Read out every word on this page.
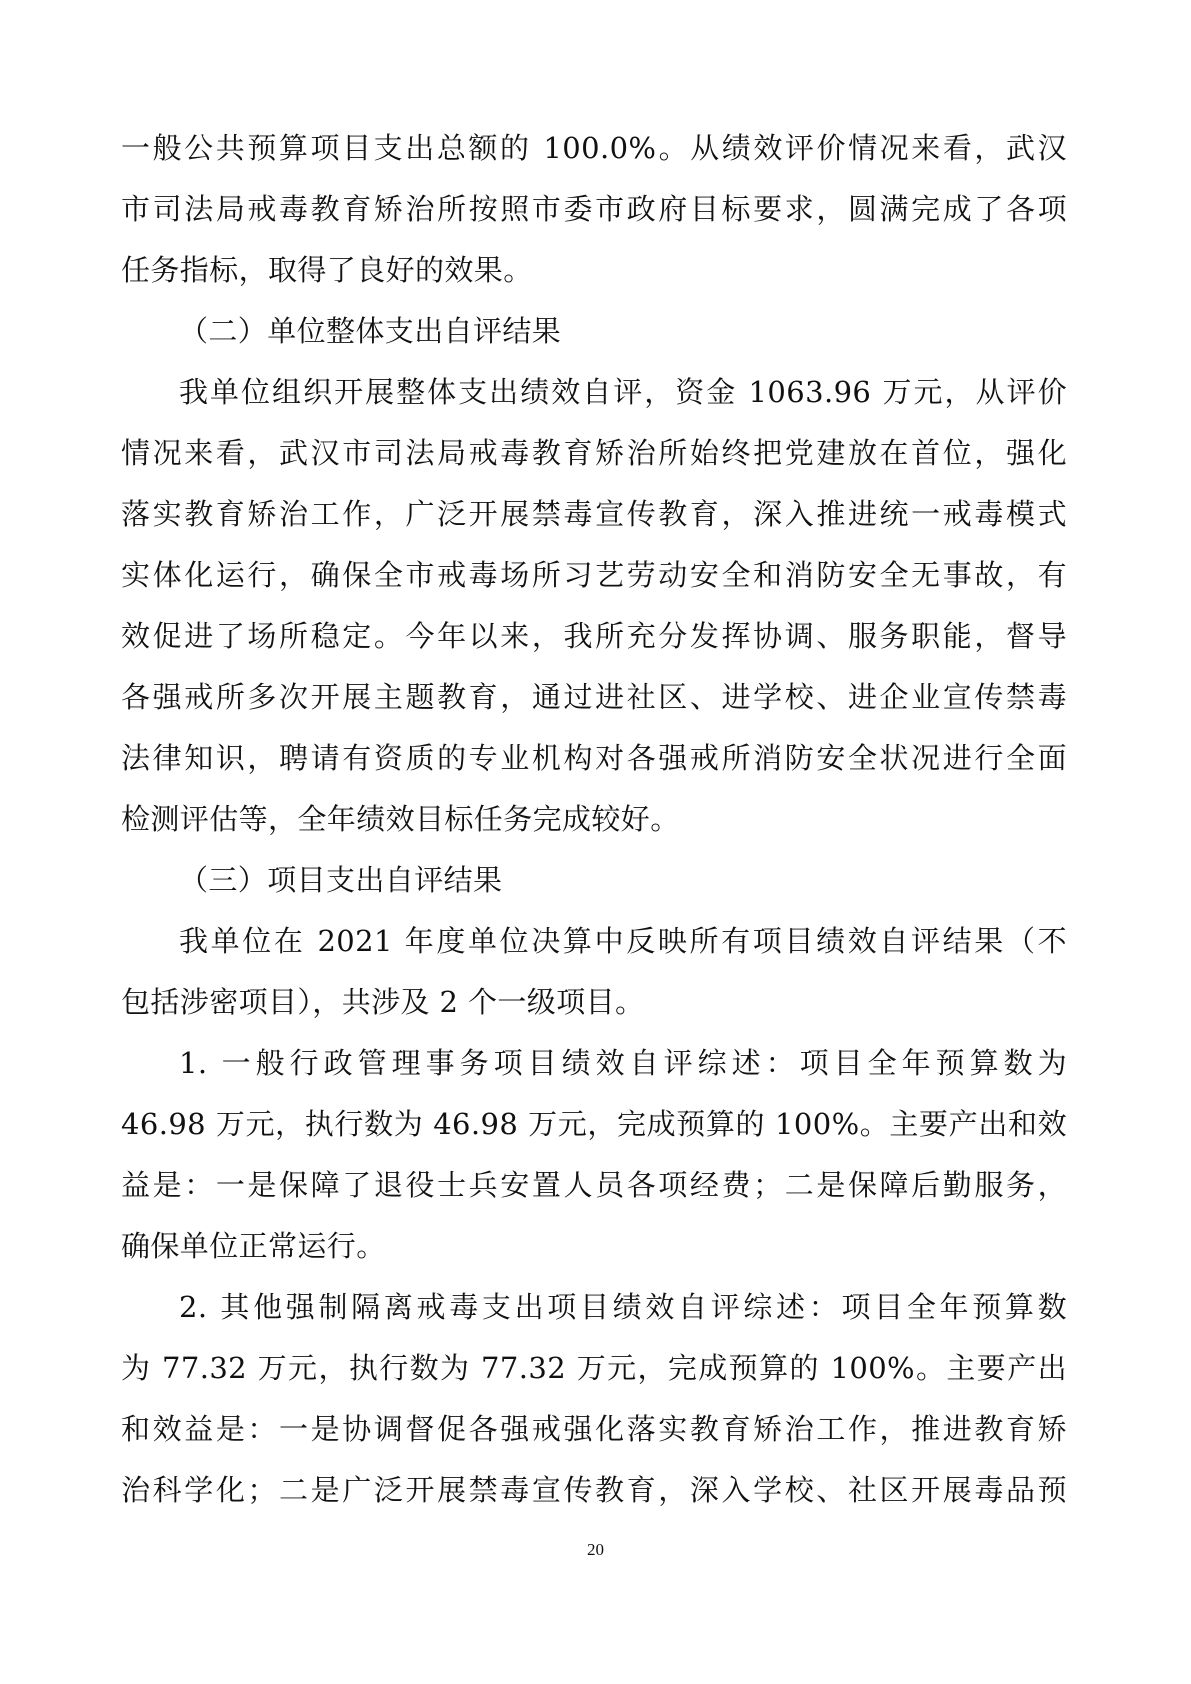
一般公共预算项目支出总额的 100.0%。从绩效评价情况来看，武汉
市司法局戒毒教育矫治所按照市委市政府目标要求，圆满完成了各项
任务指标，取得了良好的效果。
（二）单位整体支出自评结果
我单位组织开展整体支出绩效自评，资金 1063.96 万元，从评价
情况来看，武汉市司法局戒毒教育矫治所始终把党建放在首位，强化
落实教育矫治工作，广泛开展禁毒宣传教育，深入推进统一戒毒模式
实体化运行，确保全市戒毒场所习艺劳动安全和消防安全无事故，有
效促进了场所稳定。今年以来，我所充分发挥协调、服务职能，督导
各强戒所多次开展主题教育，通过进社区、进学校、进企业宣传禁毒
法律知识，聘请有资质的专业机构对各强戒所消防安全状况进行全面
检测评估等，全年绩效目标任务完成较好。
（三）项目支出自评结果
我单位在 2021 年度单位决算中反映所有项目绩效自评结果（不
包括涉密项目），共涉及 2 个一级项目。
1. 一般行政管理事务项目绩效自评综述：项目全年预算数为
46.98 万元，执行数为 46.98 万元，完成预算的 100%。主要产出和效
益是：一是保障了退役士兵安置人员各项经费；二是保障后勤服务，
确保单位正常运行。
2. 其他强制隔离戒毒支出项目绩效自评综述：项目全年预算数
为 77.32 万元，执行数为 77.32 万元，完成预算的 100%。主要产出
和效益是：一是协调督促各强戒强化落实教育矫治工作，推进教育矫
治科学化；二是广泛开展禁毒宣传教育，深入学校、社区开展毒品预
20
